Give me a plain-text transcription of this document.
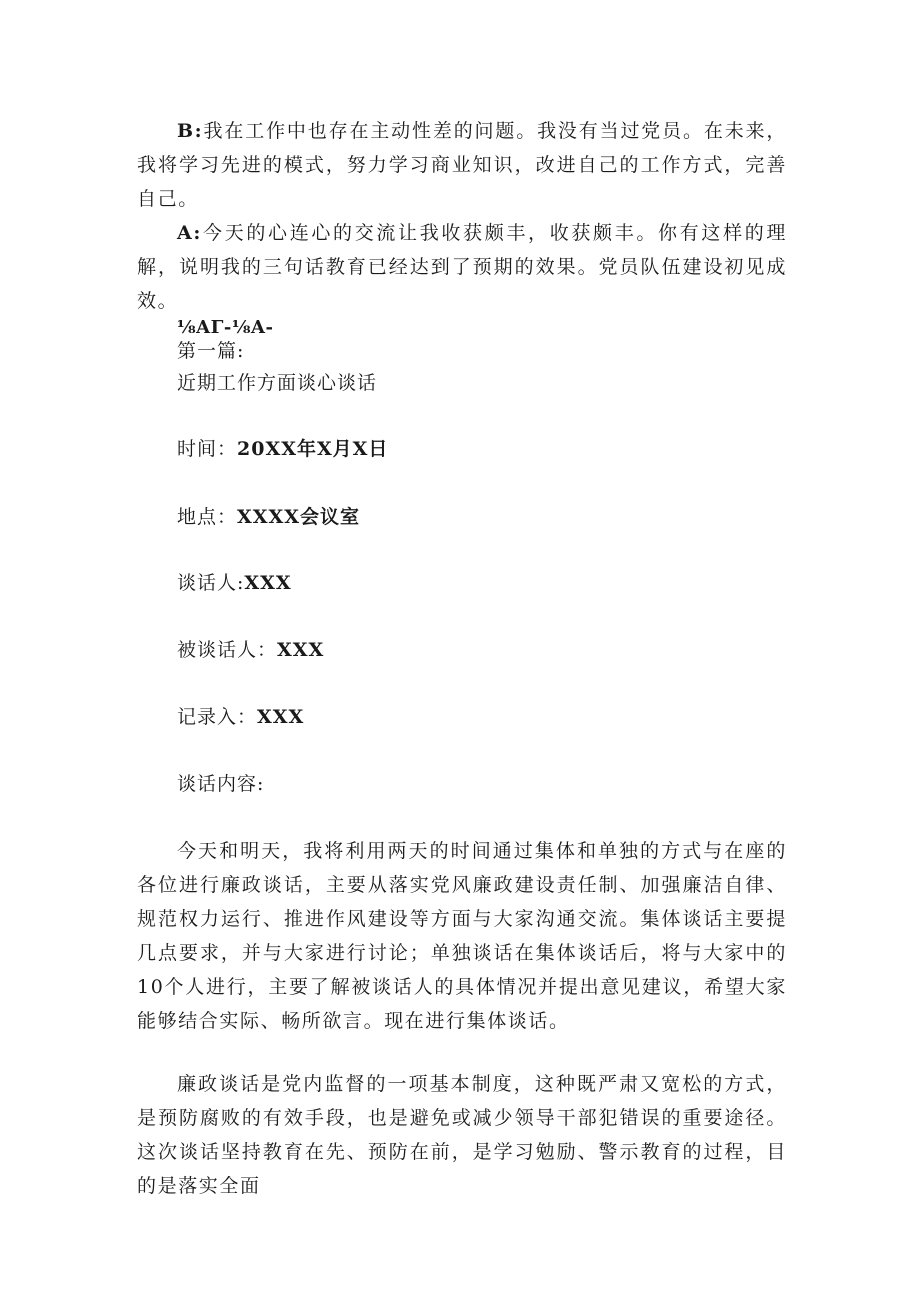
B:我在工作中也存在主动性差的问题。我没有当过党员。在未来，我将学习先进的模式，努力学习商业知识，改进自己的工作方式，完善自己。

A:今天的心连心的交流让我收获颇丰，收获颇丰。你有这样的理解，说明我的三句话教育已经达到了预期的效果。党员队伍建设初见成效。

⅛AΓ-⅛A-

第一篇:

近期工作方面谈心谈话

时间：20XX年X月X日

地点：XXXX会议室

谈话人:XXX

被谈话人：XXX

记录入：XXX

谈话内容:

今天和明天，我将利用两天的时间通过集体和单独的方式与在座的各位进行廉政谈话，主要从落实党风廉政建设责任制、加强廉洁自律、规范权力运行、推进作风建设等方面与大家沟通交流。集体谈话主要提几点要求，并与大家进行讨论；单独谈话在集体谈话后，将与大家中的10个人进行，主要了解被谈话人的具体情况并提出意见建议，希望大家能够结合实际、畅所欲言。现在进行集体谈话。

廉政谈话是党内监督的一项基本制度，这种既严肃又宽松的方式，是预防腐败的有效手段，也是避免或减少领导干部犯错误的重要途径。这次谈话坚持教育在先、预防在前，是学习勉励、警示教育的过程，目的是落实全面
